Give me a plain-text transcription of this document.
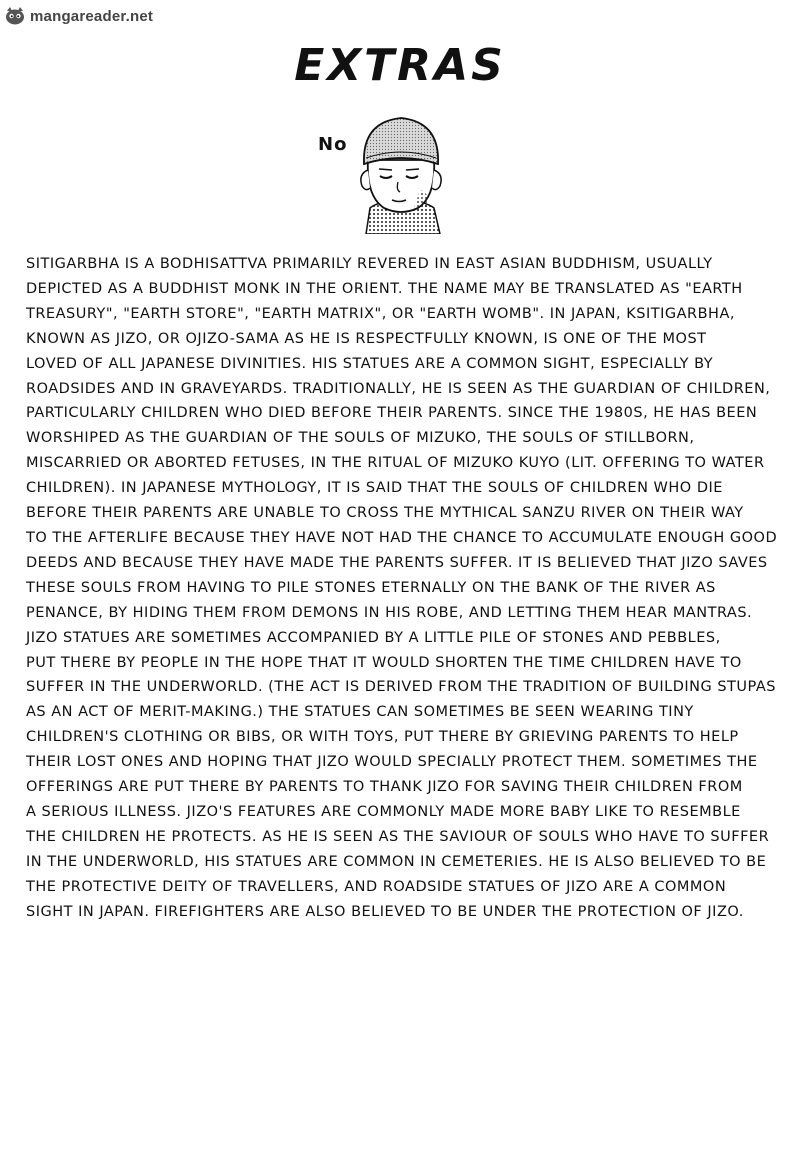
mangareader.net
EXTRAS
No

SITIGARBHA IS A BODHISATTVA PRIMARILY REVERED IN EAST ASIAN BUDDHISM, USUALLY
DEPICTED AS A BUDDHIST MONK IN THE ORIENT. THE NAME MAY BE TRANSLATED AS "EARTH
TREASURY", "EARTH STORE", "EARTH MATRIX", OR "EARTH WOMB". IN JAPAN, KSITIGARBHA,
KNOWN AS JIZO, OR OJIZO-SAMA AS HE IS RESPECTFULLY KNOWN, IS ONE OF THE MOST
LOVED OF ALL JAPANESE DIVINITIES. HIS STATUES ARE A COMMON SIGHT, ESPECIALLY BY
ROADSIDES AND IN GRAVEYARDS. TRADITIONALLY, HE IS SEEN AS THE GUARDIAN OF CHILDREN,
PARTICULARLY CHILDREN WHO DIED BEFORE THEIR PARENTS. SINCE THE 1980S, HE HAS BEEN
WORSHIPED AS THE GUARDIAN OF THE SOULS OF MIZUKO, THE SOULS OF STILLBORN,
MISCARRIED OR ABORTED FETUSES, IN THE RITUAL OF MIZUKO KUYO (LIT. OFFERING TO WATER
CHILDREN). IN JAPANESE MYTHOLOGY, IT IS SAID THAT THE SOULS OF CHILDREN WHO DIE
BEFORE THEIR PARENTS ARE UNABLE TO CROSS THE MYTHICAL SANZU RIVER ON THEIR WAY
TO THE AFTERLIFE BECAUSE THEY HAVE NOT HAD THE CHANCE TO ACCUMULATE ENOUGH GOOD
DEEDS AND BECAUSE THEY HAVE MADE THE PARENTS SUFFER. IT IS BELIEVED THAT JIZO SAVES
THESE SOULS FROM HAVING TO PILE STONES ETERNALLY ON THE BANK OF THE RIVER AS
PENANCE, BY HIDING THEM FROM DEMONS IN HIS ROBE, AND LETTING THEM HEAR MANTRAS.
JIZO STATUES ARE SOMETIMES ACCOMPANIED BY A LITTLE PILE OF STONES AND PEBBLES,
PUT THERE BY PEOPLE IN THE HOPE THAT IT WOULD SHORTEN THE TIME CHILDREN HAVE TO
SUFFER IN THE UNDERWORLD. (THE ACT IS DERIVED FROM THE TRADITION OF BUILDING STUPAS
AS AN ACT OF MERIT-MAKING.) THE STATUES CAN SOMETIMES BE SEEN WEARING TINY
CHILDREN'S CLOTHING OR BIBS, OR WITH TOYS, PUT THERE BY GRIEVING PARENTS TO HELP
THEIR LOST ONES AND HOPING THAT JIZO WOULD SPECIALLY PROTECT THEM. SOMETIMES THE
OFFERINGS ARE PUT THERE BY PARENTS TO THANK JIZO FOR SAVING THEIR CHILDREN FROM
A SERIOUS ILLNESS. JIZO'S FEATURES ARE COMMONLY MADE MORE BABY LIKE TO RESEMBLE
THE CHILDREN HE PROTECTS. AS HE IS SEEN AS THE SAVIOUR OF SOULS WHO HAVE TO SUFFER
IN THE UNDERWORLD, HIS STATUES ARE COMMON IN CEMETERIES. HE IS ALSO BELIEVED TO BE
THE PROTECTIVE DEITY OF TRAVELLERS, AND ROADSIDE STATUES OF JIZO ARE A COMMON
SIGHT IN JAPAN. FIREFIGHTERS ARE ALSO BELIEVED TO BE UNDER THE PROTECTION OF JIZO.
